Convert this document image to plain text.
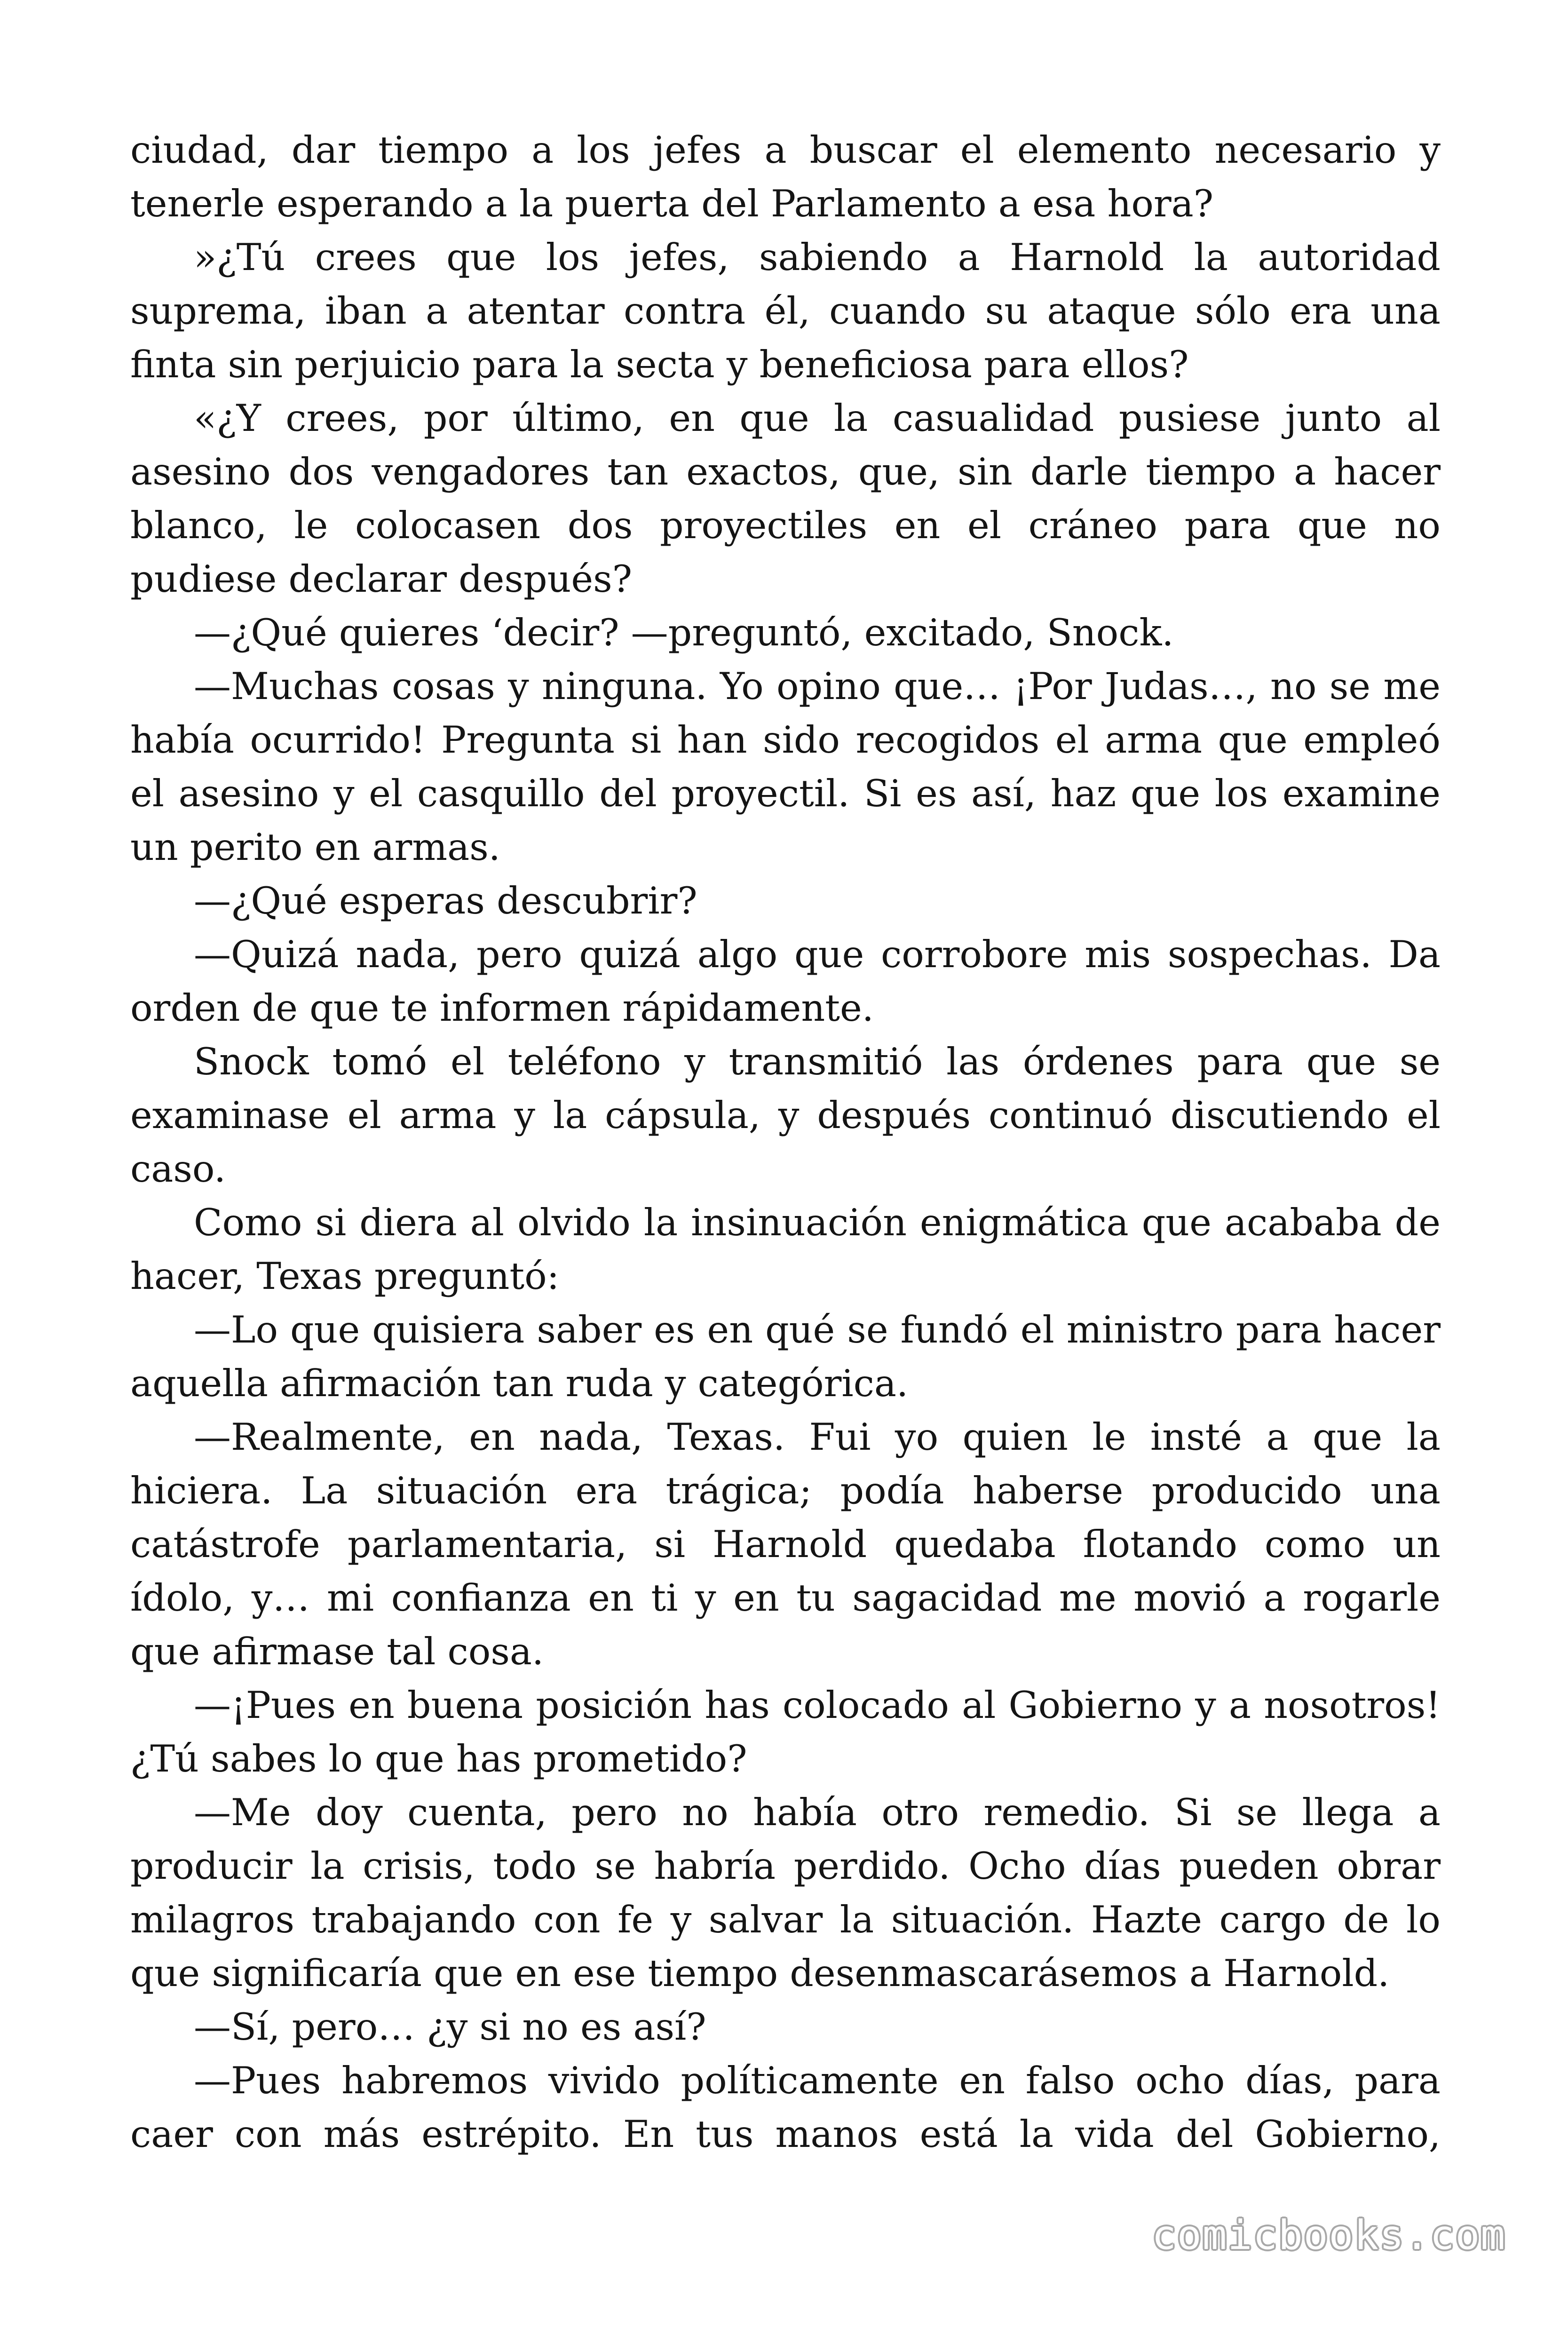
ciudad, dar tiempo a los jefes a buscar el elemento necesario y tenerle esperando a la puerta del Parlamento a esa hora?

»¿Tú crees que los jefes, sabiendo a Harnold la autoridad suprema, iban a atentar contra él, cuando su ataque sólo era una finta sin perjuicio para la secta y beneficiosa para ellos?

«¿Y crees, por último, en que la casualidad pusiese junto al asesino dos vengadores tan exactos, que, sin darle tiempo a hacer blanco, le colocasen dos proyectiles en el cráneo para que no pudiese declarar después?

—¿Qué quieres ‘decir? —preguntó, excitado, Snock.

—Muchas cosas y ninguna. Yo opino que… ¡Por Judas…, no se me había ocurrido! Pregunta si han sido recogidos el arma que empleó el asesino y el casquillo del proyectil. Si es así, haz que los examine un perito en armas.

—¿Qué esperas descubrir?

—Quizá nada, pero quizá algo que corrobore mis sospechas. Da orden de que te informen rápidamente.

Snock tomó el teléfono y transmitió las órdenes para que se examinase el arma y la cápsula, y después continuó discutiendo el caso.

Como si diera al olvido la insinuación enigmática que acababa de hacer, Texas preguntó:

—Lo que quisiera saber es en qué se fundó el ministro para hacer aquella afirmación tan ruda y categórica.

—Realmente, en nada, Texas. Fui yo quien le insté a que la hiciera. La situación era trágica; podía haberse producido una catástrofe parlamentaria, si Harnold quedaba flotando como un ídolo, y… mi confianza en ti y en tu sagacidad me movió a rogarle que afirmase tal cosa.

—¡Pues en buena posición has colocado al Gobierno y a nosotros! ¿Tú sabes lo que has prometido?

—Me doy cuenta, pero no había otro remedio. Si se llega a producir la crisis, todo se habría perdido. Ocho días pueden obrar milagros trabajando con fe y salvar la situación. Hazte cargo de lo que significaría que en ese tiempo desenmascarásemos a Harnold.

—Sí, pero… ¿y si no es así?

—Pues habremos vivido políticamente en falso ocho días, para caer con más estrépito. En tus manos está la vida del Gobierno,

comicbooks.com
